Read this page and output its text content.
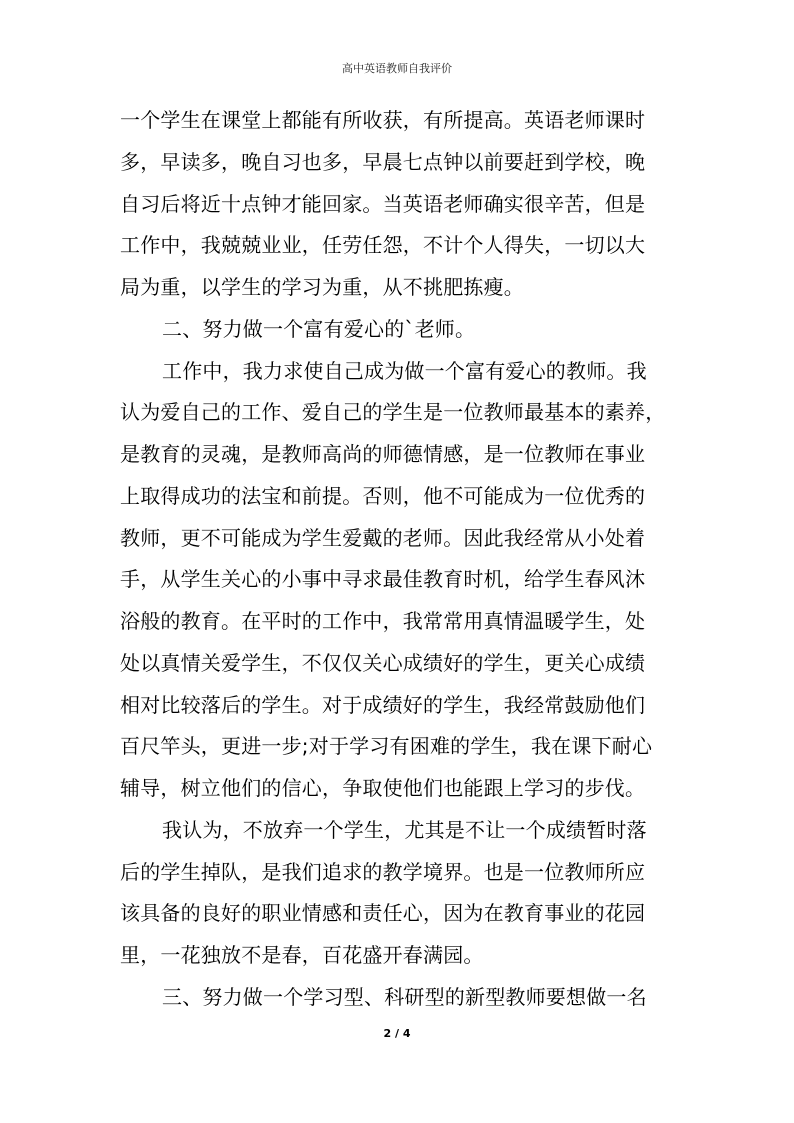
高中英语教师自我评价
一个学生在课堂上都能有所收获，有所提高。英语老师课时
多，早读多，晚自习也多，早晨七点钟以前要赶到学校，晚
自习后将近十点钟才能回家。当英语老师确实很辛苦，但是
工作中，我兢兢业业，任劳任怨，不计个人得失，一切以大
局为重，以学生的学习为重，从不挑肥拣瘦。
二、努力做一个富有爱心的`老师。
工作中，我力求使自己成为做一个富有爱心的教师。我
认为爱自己的工作、爱自己的学生是一位教师最基本的素养，
是教育的灵魂，是教师高尚的师德情感，是一位教师在事业
上取得成功的法宝和前提。否则，他不可能成为一位优秀的
教师，更不可能成为学生爱戴的老师。因此我经常从小处着
手，从学生关心的小事中寻求最佳教育时机，给学生春风沐
浴般的教育。在平时的工作中，我常常用真情温暖学生，处
处以真情关爱学生，不仅仅关心成绩好的学生，更关心成绩
相对比较落后的学生。对于成绩好的学生，我经常鼓励他们
百尺竿头，更进一步;对于学习有困难的学生，我在课下耐心
辅导，树立他们的信心，争取使他们也能跟上学习的步伐。
我认为，不放弃一个学生，尤其是不让一个成绩暂时落
后的学生掉队，是我们追求的教学境界。也是一位教师所应
该具备的良好的职业情感和责任心，因为在教育事业的花园
里，一花独放不是春，百花盛开春满园。
三、努力做一个学习型、科研型的新型教师要想做一名
2 / 4
